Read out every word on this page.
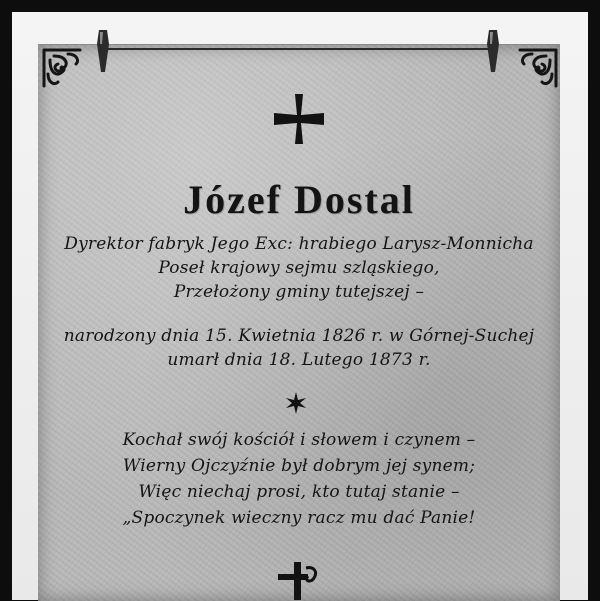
Józef Dostal
Dyrektor fabryk Jego Exc: hrabiego Larysz-Monnicha
Poseł krajowy sejmu szląskiego,
Przełożony gminy tutejszej –
narodzony dnia 15. Kwietnia 1826 r. w Górnej-Suchej
umarł dnia 18. Lutego 1873 r.
Kochał swój kościół i słowem i czynem –
Wierny Ojczyźnie był dobrym jej synem;
Więc niechaj prosi, kto tutaj stanie –
„Spoczynek wieczny racz mu dać Panie!
